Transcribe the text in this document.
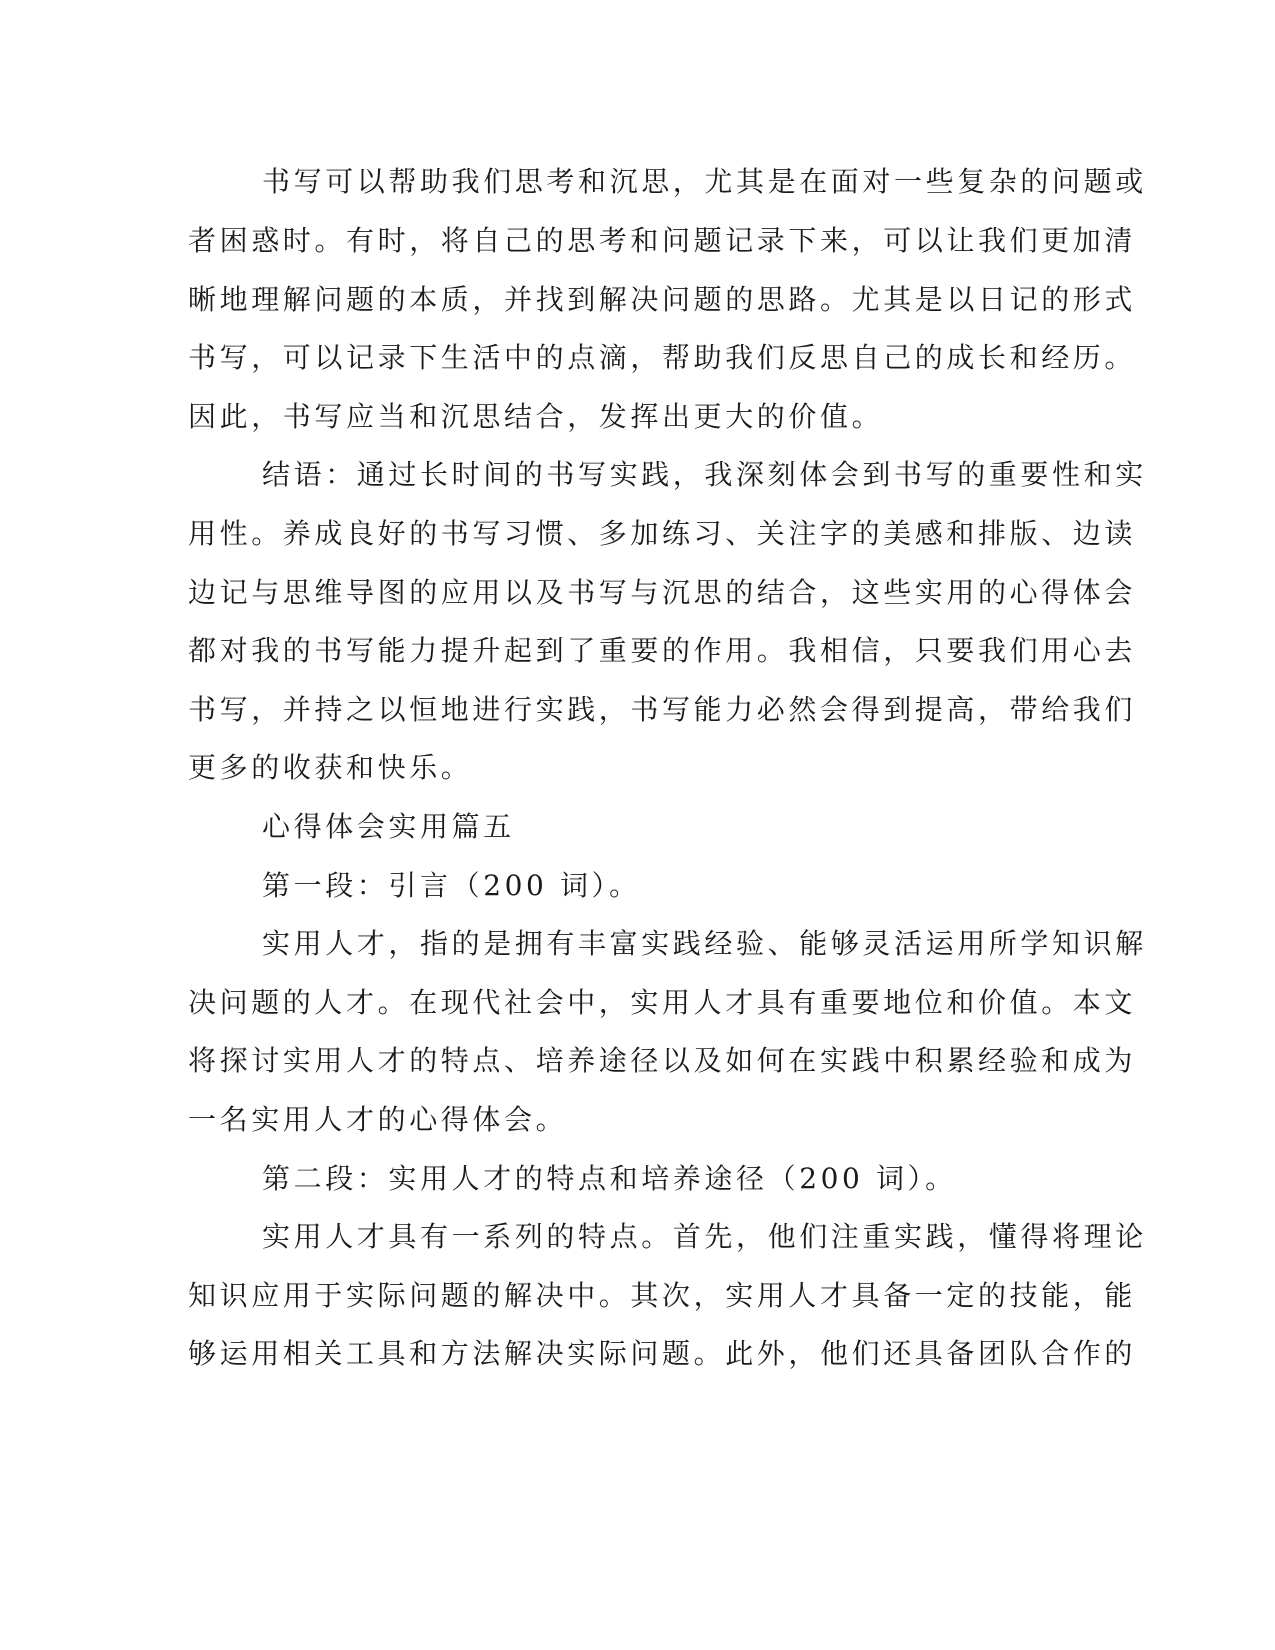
书写可以帮助我们思考和沉思，尤其是在面对一些复杂的问题或
者困惑时。有时，将自己的思考和问题记录下来，可以让我们更加清
晰地理解问题的本质，并找到解决问题的思路。尤其是以日记的形式
书写，可以记录下生活中的点滴，帮助我们反思自己的成长和经历。
因此，书写应当和沉思结合，发挥出更大的价值。
结语：通过长时间的书写实践，我深刻体会到书写的重要性和实
用性。养成良好的书写习惯、多加练习、关注字的美感和排版、边读
边记与思维导图的应用以及书写与沉思的结合，这些实用的心得体会
都对我的书写能力提升起到了重要的作用。我相信，只要我们用心去
书写，并持之以恒地进行实践，书写能力必然会得到提高，带给我们
更多的收获和快乐。
心得体会实用篇五
第一段：引言（200 词）。
实用人才，指的是拥有丰富实践经验、能够灵活运用所学知识解
决问题的人才。在现代社会中，实用人才具有重要地位和价值。本文
将探讨实用人才的特点、培养途径以及如何在实践中积累经验和成为
一名实用人才的心得体会。
第二段：实用人才的特点和培养途径（200 词）。
实用人才具有一系列的特点。首先，他们注重实践，懂得将理论
知识应用于实际问题的解决中。其次，实用人才具备一定的技能，能
够运用相关工具和方法解决实际问题。此外，他们还具备团队合作的
